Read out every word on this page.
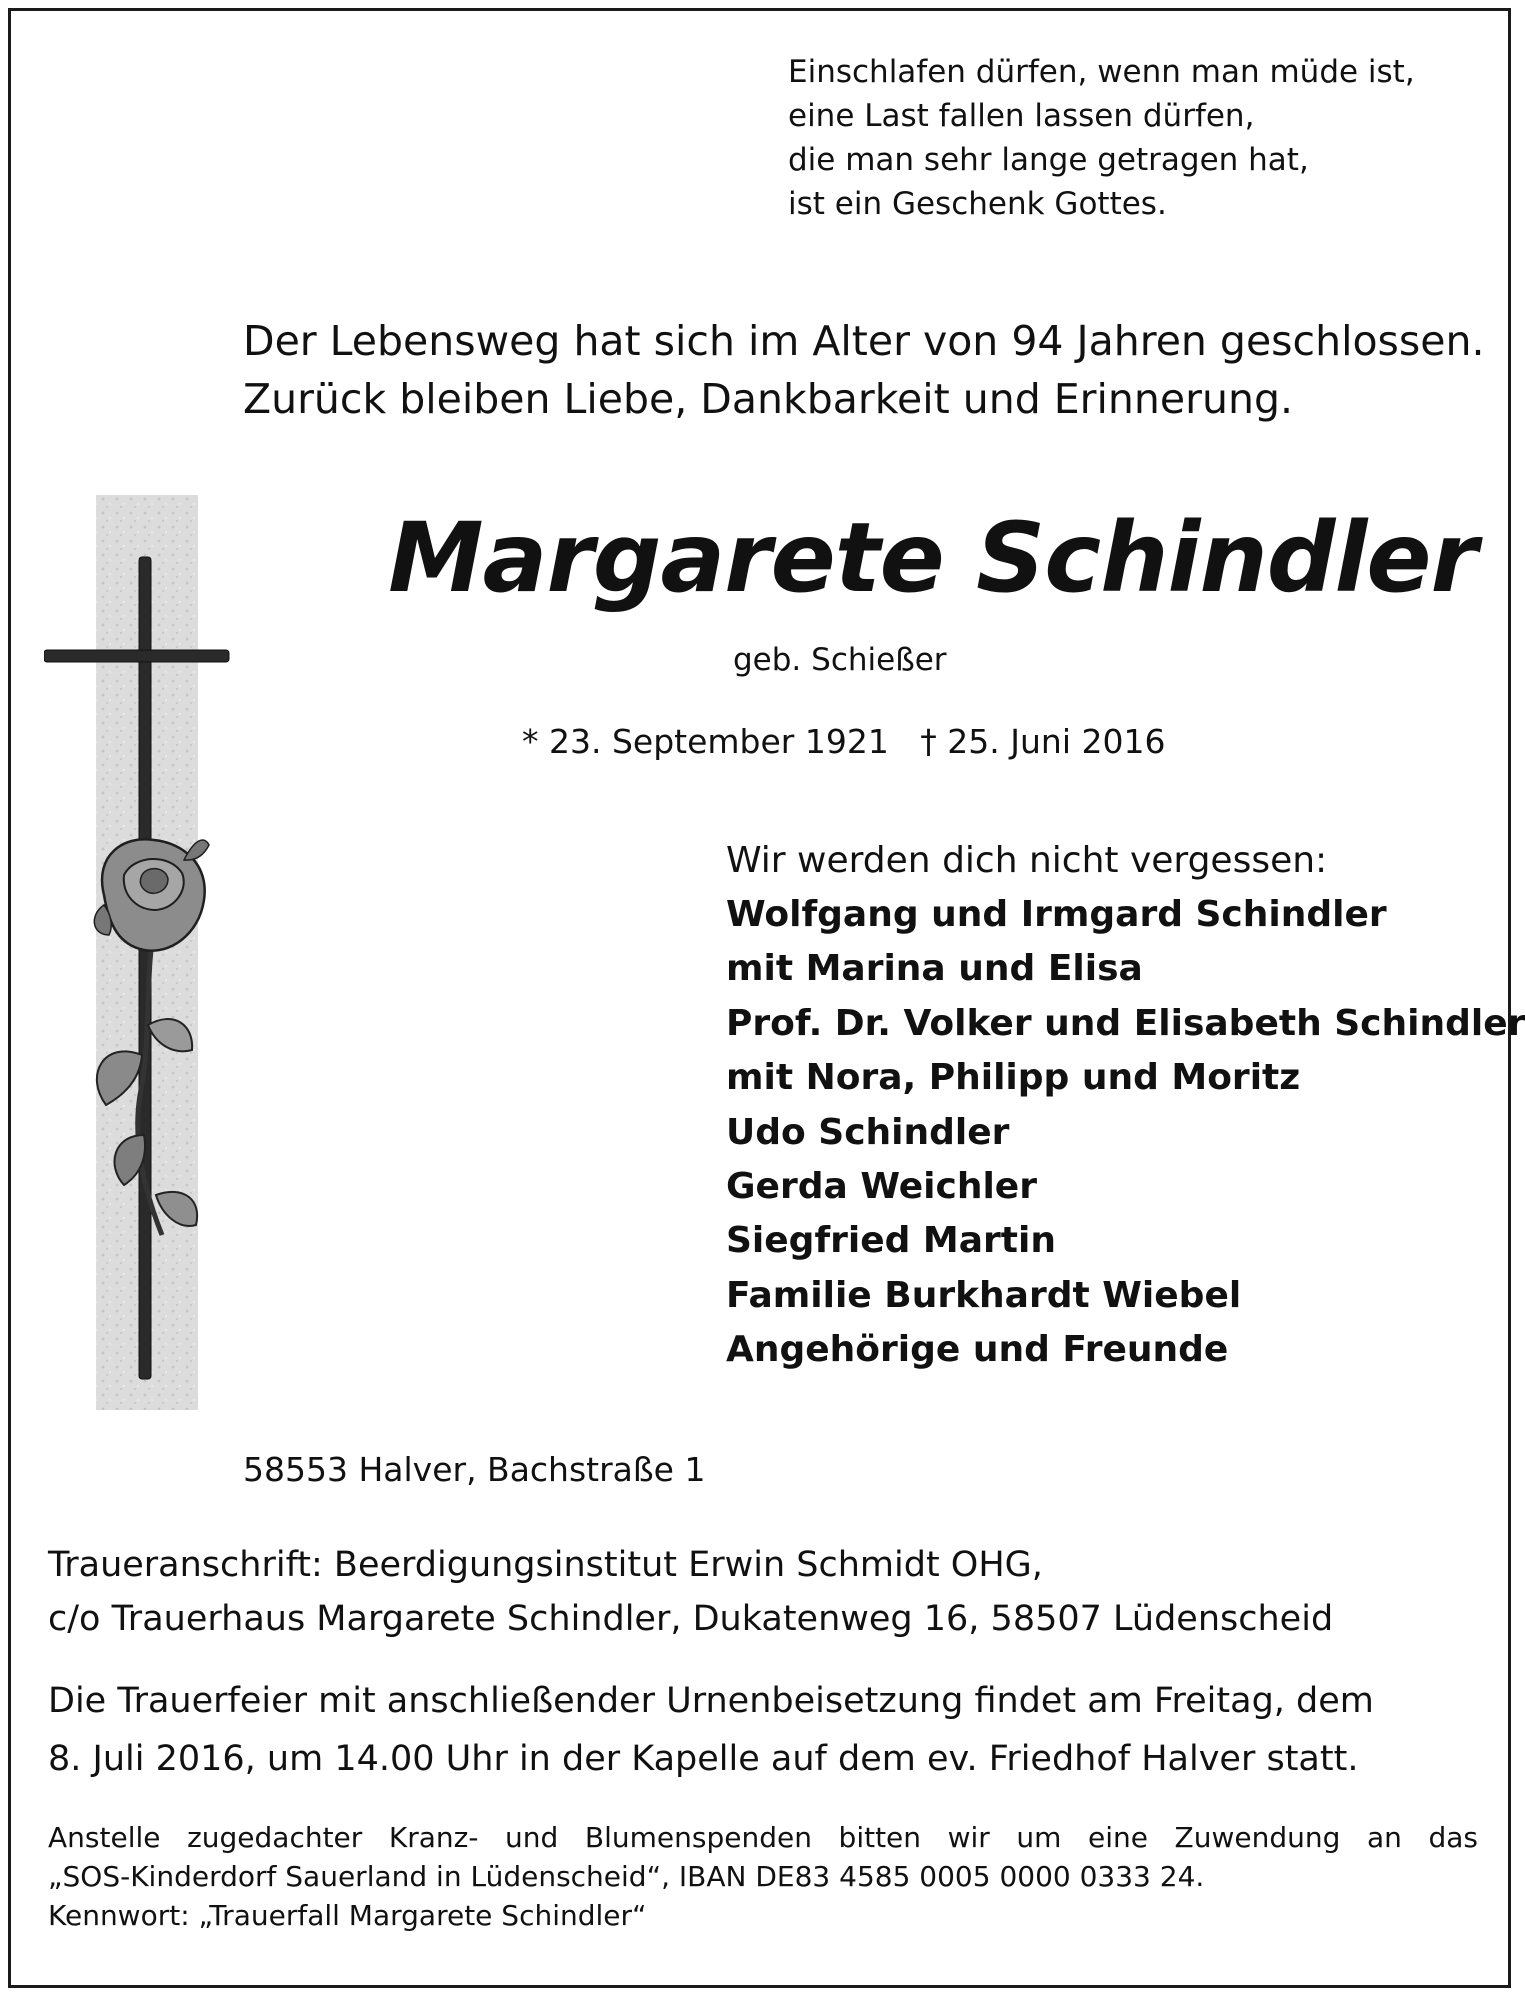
Einschlafen dürfen, wenn man müde ist,
eine Last fallen lassen dürfen,
die man sehr lange getragen hat,
ist ein Geschenk Gottes.
Der Lebensweg hat sich im Alter von 94 Jahren geschlossen.
Zurück bleiben Liebe, Dankbarkeit und Erinnerung.
Margarete Schindler
geb. Schießer
* 23. September 1921   † 25. Juni 2016
Wir werden dich nicht vergessen:
Wolfgang und Irmgard Schindler
mit Marina und Elisa
Prof. Dr. Volker und Elisabeth Schindler
mit Nora, Philipp und Moritz
Udo Schindler
Gerda Weichler
Siegfried Martin
Familie Burkhardt Wiebel
Angehörige und Freunde
58553 Halver, Bachstraße 1
Traueranschrift: Beerdigungsinstitut Erwin Schmidt OHG,
c/o Trauerhaus Margarete Schindler, Dukatenweg 16, 58507 Lüdenscheid
Die Trauerfeier mit anschließender Urnenbeisetzung findet am Freitag, dem
8. Juli 2016, um 14.00 Uhr in der Kapelle auf dem ev. Friedhof Halver statt.
Anstelle zugedachter Kranz- und Blumenspenden bitten wir um eine Zuwendung an das
„SOS-Kinderdorf Sauerland in Lüdenscheid“, IBAN DE83 4585 0005 0000 0333 24.
Kennwort: „Trauerfall Margarete Schindler“
